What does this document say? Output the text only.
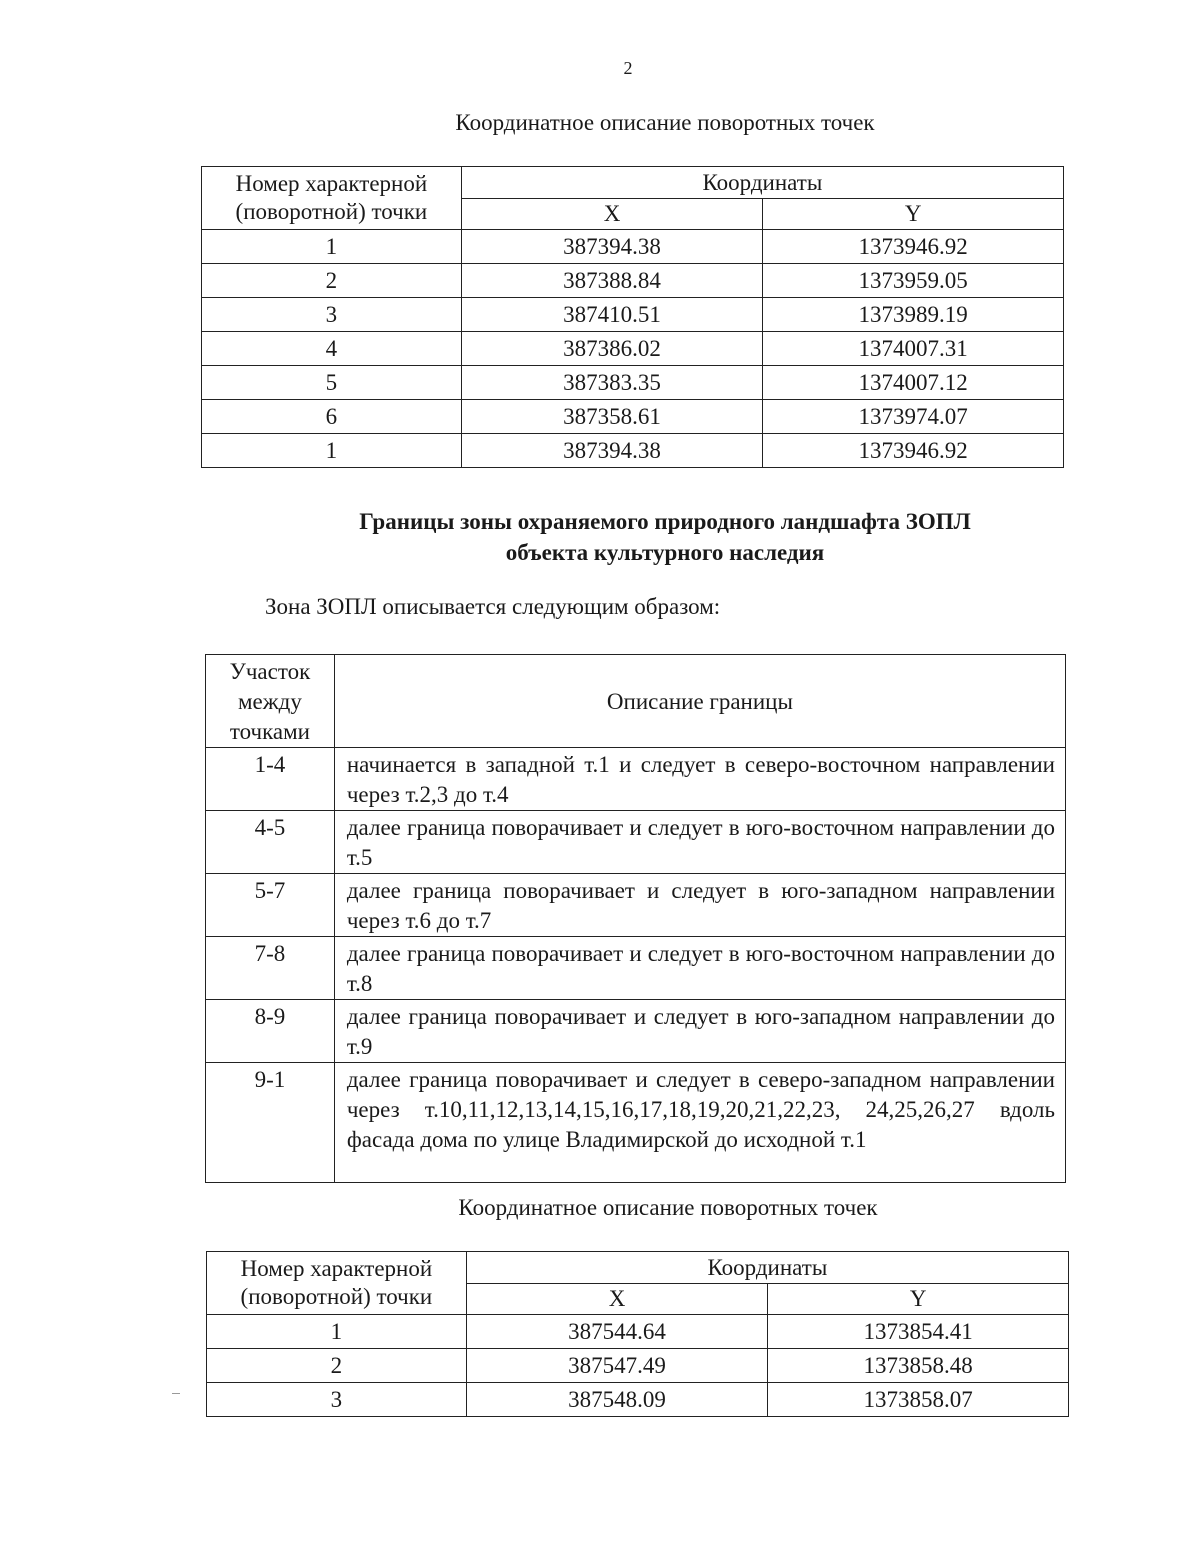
2
Координатное описание поворотных точек
Номер характерной (поворотной) точки	Координаты	
	X	Y
1	387394.38	1373946.92
2	387388.84	1373959.05
3	387410.51	1373989.19
4	387386.02	1374007.31
5	387383.35	1374007.12
6	387358.61	1373974.07
1	387394.38	1373946.92
Границы зоны охраняемого природного ландшафта ЗОПЛ
объекта культурного наследия
Зона ЗОПЛ описывается следующим образом:
Участок между точками	Описание границы
1-4	начинается в западной т.1 и следует в северо-восточном направлении через т.2,3 до т.4
4-5	далее граница поворачивает и следует в юго-восточном направлении до т.5
5-7	далее граница поворачивает и следует в юго-западном направлении через т.6 до т.7
7-8	далее граница поворачивает и следует в юго-восточном направлении до т.8
8-9	далее граница поворачивает и следует в юго-западном направлении до т.9
9-1	далее граница поворачивает и следует в северо-западном направлении через т.10,11,12,13,14,15,16,17,18,19,20,21,22,23, 24,25,26,27 вдоль фасада дома по улице Владимирской до исходной т.1
Координатное описание поворотных точек
Номер характерной (поворотной) точки	Координаты	
	X	Y
1	387544.64	1373854.41
2	387547.49	1373858.48
3	387548.09	1373858.07
